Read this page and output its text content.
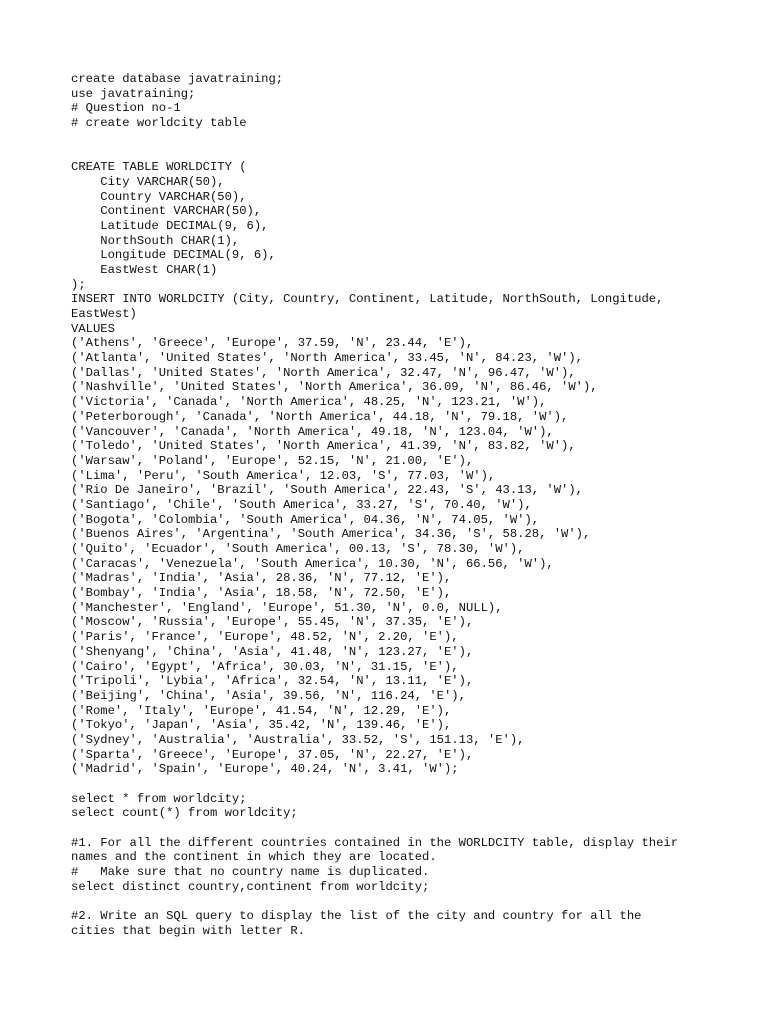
create database javatraining;
use javatraining;
# Question no-1
# create worldcity table

CREATE TABLE WORLDCITY (
City VARCHAR(50),
Country VARCHAR(50),
Continent VARCHAR(50),
Latitude DECIMAL(9, 6),
NorthSouth CHAR(1),
Longitude DECIMAL(9, 6),
EastWest CHAR(1)
);
INSERT INTO WORLDCITY (City, Country, Continent, Latitude, NorthSouth, Longitude,
EastWest)
VALUES
('Athens', 'Greece', 'Europe', 37.59, 'N', 23.44, 'E'),
('Atlanta', 'United States', 'North America', 33.45, 'N', 84.23, 'W'),
('Dallas', 'United States', 'North America', 32.47, 'N', 96.47, 'W'),
('Nashville', 'United States', 'North America', 36.09, 'N', 86.46, 'W'),
('Victoria', 'Canada', 'North America', 48.25, 'N', 123.21, 'W'),
('Peterborough', 'Canada', 'North America', 44.18, 'N', 79.18, 'W'),
('Vancouver', 'Canada', 'North America', 49.18, 'N', 123.04, 'W'),
('Toledo', 'United States', 'North America', 41.39, 'N', 83.82, 'W'),
('Warsaw', 'Poland', 'Europe', 52.15, 'N', 21.00, 'E'),
('Lima', 'Peru', 'South America', 12.03, 'S', 77.03, 'W'),
('Rio De Janeiro', 'Brazil', 'South America', 22.43, 'S', 43.13, 'W'),
('Santiago', 'Chile', 'South America', 33.27, 'S', 70.40, 'W'),
('Bogota', 'Colombia', 'South America', 04.36, 'N', 74.05, 'W'),
('Buenos Aires', 'Argentina', 'South America', 34.36, 'S', 58.28, 'W'),
('Quito', 'Ecuador', 'South America', 00.13, 'S', 78.30, 'W'),
('Caracas', 'Venezuela', 'South America', 10.30, 'N', 66.56, 'W'),
('Madras', 'India', 'Asia', 28.36, 'N', 77.12, 'E'),
('Bombay', 'India', 'Asia', 18.58, 'N', 72.50, 'E'),
('Manchester', 'England', 'Europe', 51.30, 'N', 0.0, NULL),
('Moscow', 'Russia', 'Europe', 55.45, 'N', 37.35, 'E'),
('Paris', 'France', 'Europe', 48.52, 'N', 2.20, 'E'),
('Shenyang', 'China', 'Asia', 41.48, 'N', 123.27, 'E'),
('Cairo', 'Egypt', 'Africa', 30.03, 'N', 31.15, 'E'),
('Tripoli', 'Lybia', 'Africa', 32.54, 'N', 13.11, 'E'),
('Beijing', 'China', 'Asia', 39.56, 'N', 116.24, 'E'),
('Rome', 'Italy', 'Europe', 41.54, 'N', 12.29, 'E'),
('Tokyo', 'Japan', 'Asia', 35.42, 'N', 139.46, 'E'),
('Sydney', 'Australia', 'Australia', 33.52, 'S', 151.13, 'E'),
('Sparta', 'Greece', 'Europe', 37.05, 'N', 22.27, 'E'),
('Madrid', 'Spain', 'Europe', 40.24, 'N', 3.41, 'W');

select * from worldcity;
select count(*) from worldcity;

#1. For all the different countries contained in the WORLDCITY table, display their
names and the continent in which they are located.
#   Make sure that no country name is duplicated.
select distinct country,continent from worldcity;

#2. Write an SQL query to display the list of the city and country for all the
cities that begin with letter R.
